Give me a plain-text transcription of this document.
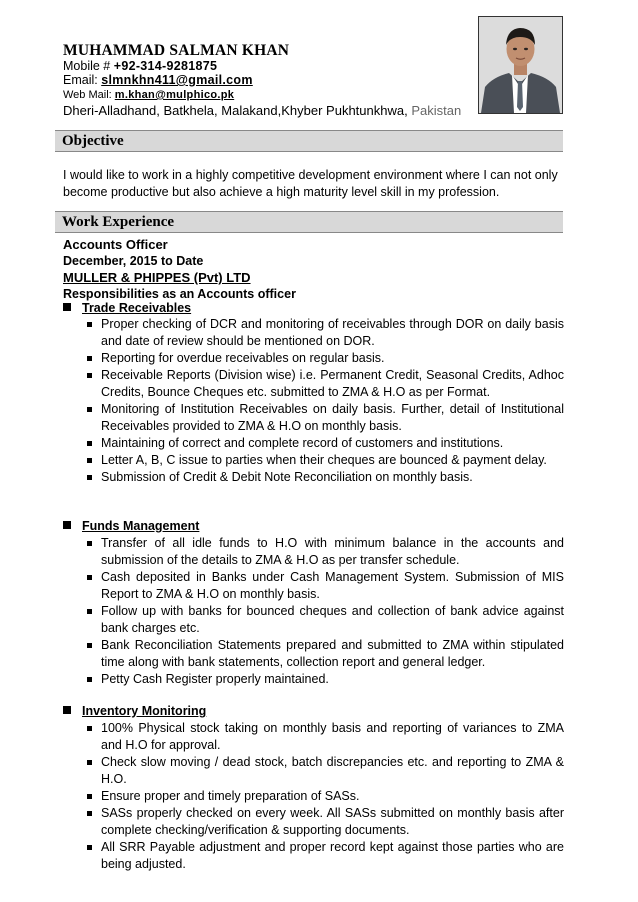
MUHAMMAD SALMAN KHAN
Mobile # +92-314-9281875
Email: slmnkhn411@gmail.com
Web Mail: m.khan@mulphico.pk
Dheri-Alladhand, Batkhela, Malakand,Khyber Pukhtunkhwa, Pakistan
Objective
I would like to work in a highly competitive development environment where I can not only become productive but also achieve a high maturity level skill in my profession.
Work Experience
Accounts Officer
December, 2015 to Date
MULLER & PHIPPES (Pvt) LTD
Responsibilities as an Accounts officer
Trade Receivables
Proper checking of DCR and monitoring of receivables through DOR on daily basis and date of review should be mentioned on DOR.
Reporting for overdue receivables on regular basis.
Receivable Reports (Division wise) i.e. Permanent Credit, Seasonal Credits, Adhoc Credits, Bounce Cheques etc. submitted to ZMA & H.O as per Format.
Monitoring of Institution Receivables on daily basis. Further, detail of Institutional Receivables provided to ZMA & H.O on monthly basis.
Maintaining of correct and complete record of customers and institutions.
Letter A, B, C issue to parties when their cheques are bounced & payment delay.
Submission of Credit & Debit Note Reconciliation on monthly basis.
Funds Management
Transfer of all idle funds to H.O with minimum balance in the accounts and submission of the details to ZMA & H.O as per transfer schedule.
Cash deposited in Banks under Cash Management System. Submission of MIS Report to ZMA & H.O on monthly basis.
Follow up with banks for bounced cheques and collection of bank advice against bank charges etc.
Bank Reconciliation Statements prepared and submitted to ZMA within stipulated time along with bank statements, collection report and general ledger.
Petty Cash Register properly maintained.
Inventory Monitoring
100% Physical stock taking on monthly basis and reporting of variances to ZMA and H.O for approval.
Check slow moving / dead stock, batch discrepancies etc. and reporting to ZMA & H.O.
Ensure proper and timely preparation of SASs.
SASs properly checked on every week. All SASs submitted on monthly basis after complete checking/verification & supporting documents.
All SRR Payable adjustment and proper record kept against those parties who are being adjusted.
